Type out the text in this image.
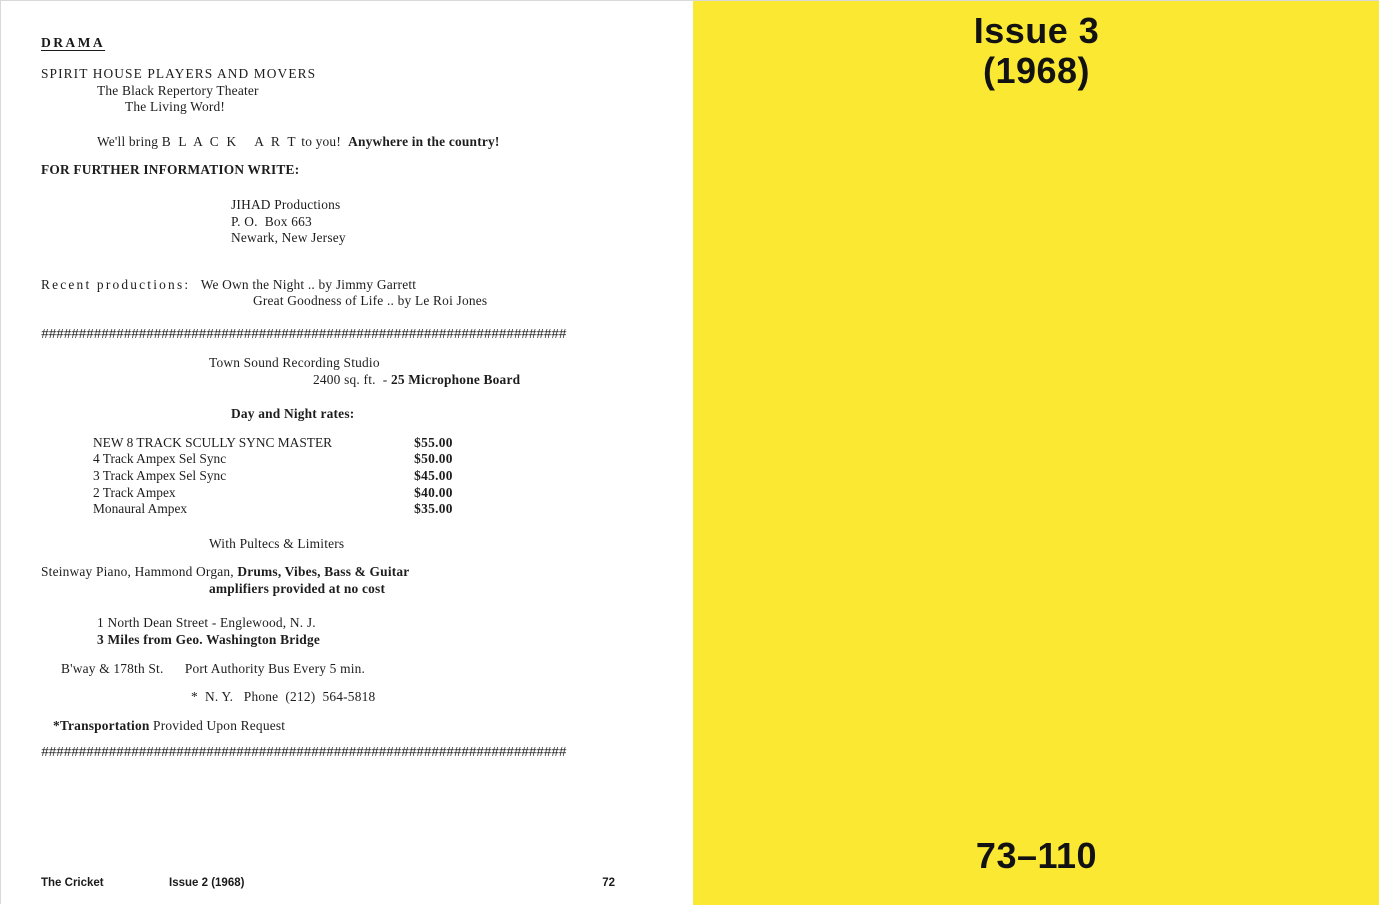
DRAMA
SPIRIT HOUSE PLAYERS AND MOVERS
The Black Repertory Theater
The Living Word!
We'll bring B L A C K   A R T to you!  Anywhere in the country!
FOR FURTHER INFORMATION WRITE:
JIHAD Productions
P. O.  Box 663
Newark, New Jersey
Recent productions: We Own the Night .. by Jimmy Garrett
Great Goodness of Life .. by Le Roi Jones
######################################################################
Town Sound Recording Studio
2400 sq. ft.  - 25 Microphone Board
Day and Night rates:
NEW 8 TRACK SCULLY SYNC MASTER	$55.00
4 Track Ampex Sel Sync	$50.00
3 Track Ampex Sel Sync	$45.00
2 Track Ampex	$40.00
Monaural Ampex	$35.00
With Pultecs & Limiters
Steinway Piano, Hammond Organ, Drums, Vibes, Bass & Guitar
amplifiers provided at no cost
1 North Dean Street - Englewood, N. J.
3 Miles from Geo. Washington Bridge
B'way & 178th St. Port Authority Bus Every 5 min.
*  N. Y.   Phone  (212)  564-5818
*Transportation Provided Upon Request
######################################################################
The Cricket	Issue 2 (1968)	72
Issue 3
(1968)
73–110
